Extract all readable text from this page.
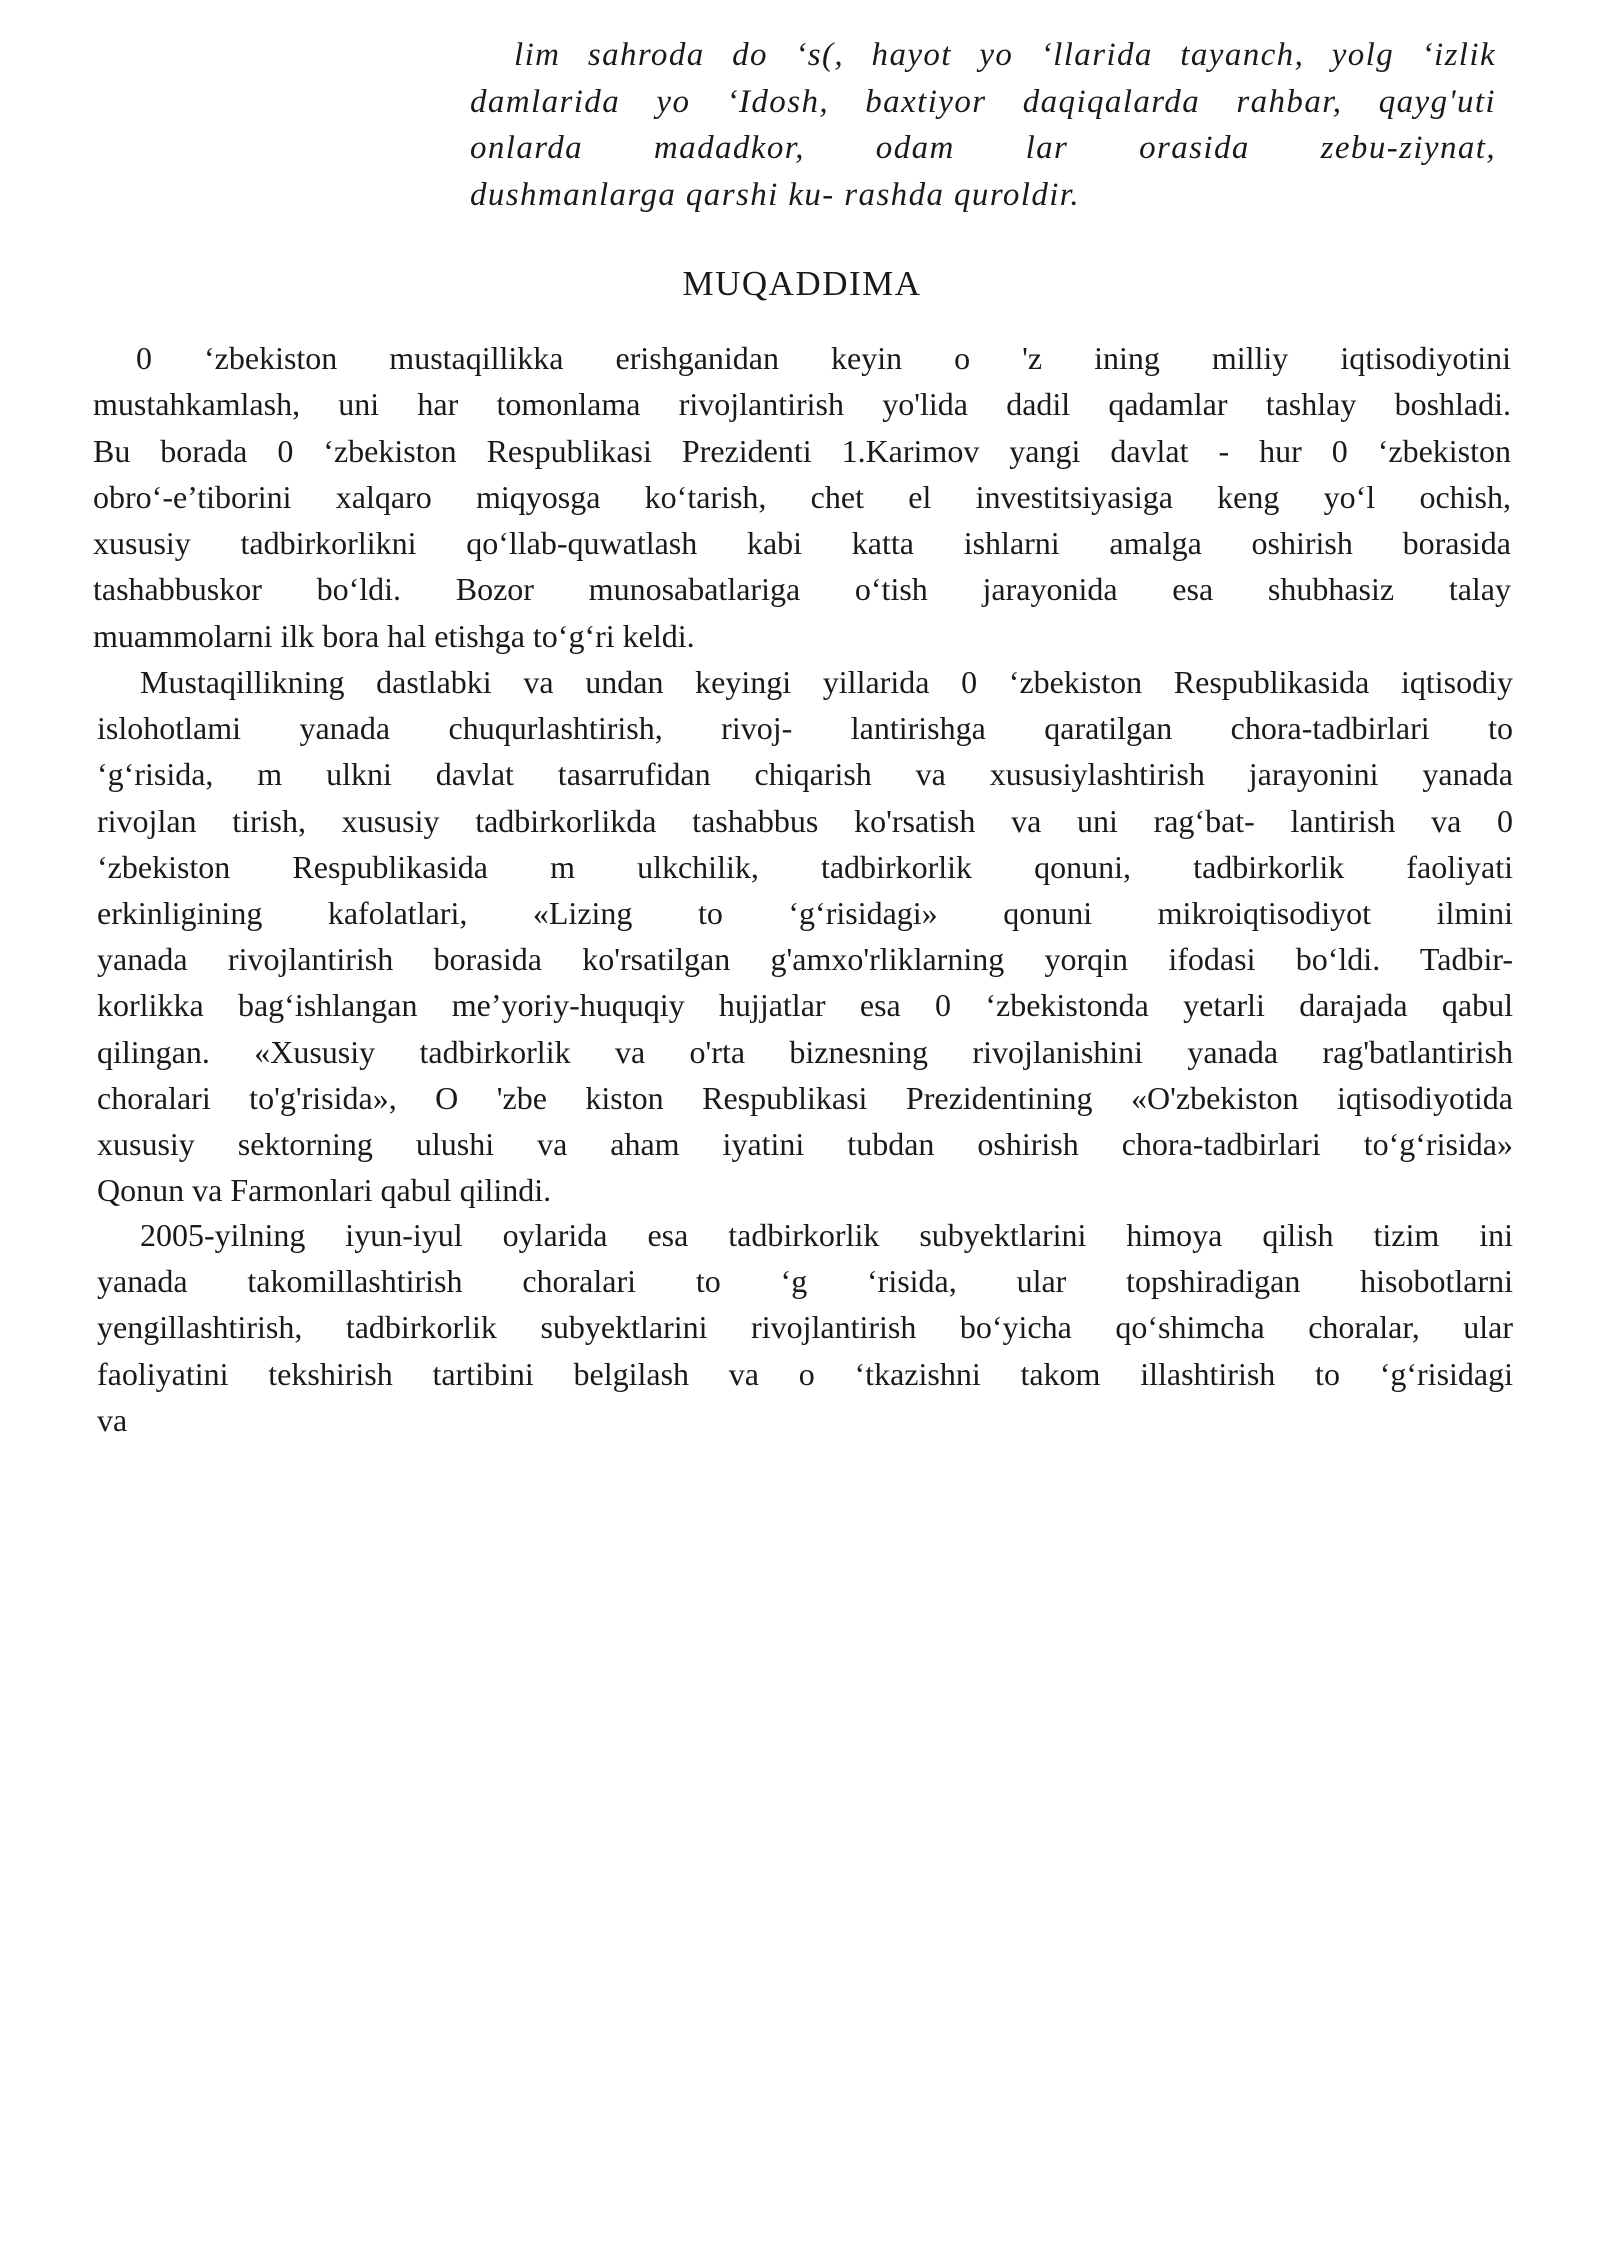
lim sahroda do ‘s(, hayot yo ‘llarida tayanch, yolg ‘izlik
damlarida yo ‘Idosh, baxtiyor daqiqalarda rahbar, qayg'uti
onlarda madadkor, odam lar orasida zebu-ziynat,
dushmanlarga qarshi ku- rashda quroldir.
MUQADDIMA
0 ‘zbekiston mustaqillikka erishganidan keyin o 'z ining milliy iqtisodiyotini
mustahkamlash, uni har tomonlama rivojlantirish yo'lida dadil qadamlar tashlay boshladi.
Bu borada 0 ‘zbekiston Respublikasi Prezidenti 1.Karimov yangi davlat - hur 0 ‘zbekiston
obro‘-e’tiborini xalqaro miqyosga ko‘tarish, chet el investitsiyasiga keng yo‘l ochish,
xususiy tadbirkorlikni qo‘llab-quwatlash kabi katta ishlarni amalga oshirish borasida
tashabbuskor bo‘ldi. Bozor munosabatlariga o‘tish jarayonida esa shubhasiz talay
muammolarni ilk bora hal etishga to‘g‘ri keldi.
Mustaqillikning dastlabki va undan keyingi yillarida 0 ‘zbekiston Respublikasida iqtisodiy
islohotlami yanada chuqurlashtirish, rivoj- lantirishga qaratilgan chora-tadbirlari to
‘g‘risida, m ulkni davlat tasarrufidan chiqarish va xususiylashtirish jarayonini yanada
rivojlan tirish, xususiy tadbirkorlikda tashabbus ko'rsatish va uni rag‘bat- lantirish va 0
‘zbekiston Respublikasida m ulkchilik, tadbirkorlik qonuni, tadbirkorlik faoliyati
erkinligining kafolatlari, «Lizing to ‘g‘risidagi» qonuni mikroiqtisodiyot ilmini
yanada rivojlantirish borasida ko'rsatilgan g'amxo'rliklarning yorqin ifodasi bo‘ldi. Tadbir-
korlikka bag‘ishlangan me’yoriy-huquqiy hujjatlar esa 0 ‘zbekistonda yetarli darajada qabul
qilingan. «Xususiy tadbirkorlik va o'rta biznesning rivojlanishini yanada rag'batlantirish
choralari to'g'risida», O 'zbe kiston Respublikasi Prezidentining «O'zbekiston iqtisodiyotida
xususiy sektorning ulushi va aham iyatini tubdan oshirish chora-tadbirlari to‘g‘risida»
Qonun va Farmonlari qabul qilindi.
2005-yilning iyun-iyul oylarida esa tadbirkorlik subyektlarini himoya qilish tizim ini
yanada takomillashtirish choralari to ‘g ‘risida, ular topshiradigan hisobotlarni
yengillashtirish, tadbirkorlik subyektlarini rivojlantirish bo‘yicha qo‘shimcha choralar, ular
faoliyatini tekshirish tartibini belgilash va o ‘tkazishni takom illashtirish to ‘g‘risidagi
va
